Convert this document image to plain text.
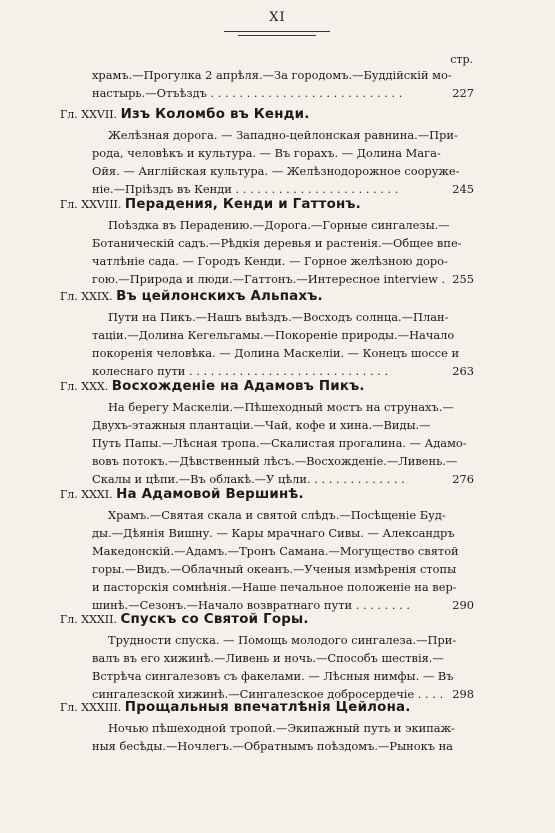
XI
стр.
храмъ.—Прогулка 2 апрѣля.—За городомъ.—Буддійскій мо-
настырь.—Отъѣздъ . . . . . . . . . . . . . . . . . . . . . . . . . . .	227
Гл. XXVII. Изъ Коломбо въ Кенди.
Желѣзная дорога. — Западно-цейлонская равнина.—При-
рода, человѣкъ и культура. — Въ горахъ. — Долина Мага-
Ойя. — Англійская культура. — Желѣзнодорожное сооруже-
ніе.—Пріѣздъ въ Кенди . . . . . . . . . . . . . . . . . . . . . . .	245
Гл. XXVIII. Перадения, Кенди и Гаттонъ.
Поѣздка въ Перадению.—Дорога.—Горные сингалезы.—
Ботаническій садъ.—Рѣдкія деревья и растенія.—Общее впе-
чатлѣніе сада. — Городъ Кенди. — Горное желѣзною доро-
гою.—Природа и люди.—Гаттонъ.—Интересное interview . 255
Гл. XXIX. Въ цейлонскихъ Альпахъ.
Пути на Пикъ.—Нашъ выѣздъ.—Восходъ солнца.—План-
таціи.—Долина Кегельгамы.—Покореніе природы.—Начало
покоренія человѣка. — Долина Маскеліи. — Конецъ шоссе и
колеснаго пути . . . . . . . . . . . . . . . . . . . . . . . . . . . .	263
Гл. XXX. Восхожденіе на Адамовъ Пикъ.
На берегу Маскеліи.—Пѣшеходный мостъ на струнахъ.—
Двухъ-этажныя плантаціи.—Чай, кофе и хина.—Виды.—
Путь Папы.—Лѣсная тропа.—Скалистая прогалина. — Адамо-
вовъ потокъ.—Дѣвственный лѣсъ.—Восхожденіе.—Ливень.—
Скалы и цѣпи.—Въ облакѣ.—У цѣли. . . . . . . . . . . . . .	276
Гл. XXXI. На Адамовой Вершинѣ.
Храмъ.—Святая скала и святой слѣдъ.—Посѣщеніе Буд-
ды.—Дѣянія Вишну. — Кары мрачнаго Сивы. — Александръ
Македонскій.—Адамъ.—Тронъ Самана.—Могущество святой
горы.—Видъ.—Облачный океанъ.—Ученыя измѣренія стопы
и пасторскія сомнѣнія.—Наше печальное положеніе на вер-
шинѣ.—Сезонъ.—Начало возвратнаго пути . . . . . . . .	290
Гл. XXXII. Спускъ со Святой Горы.
Трудности спуска. — Помощь молодого сингалеза.—При-
валъ въ его хижинѣ.—Ливень и ночь.—Способъ шествія.—
Встрѣча сингалезовъ съ факелами. — Лѣсныя нимфы. — Въ
сингалезской хижинѣ.—Сингалезское добросердечіе . . . . 298
Гл. XXXIII. Прощальныя впечатлѣнія Цейлона.
Ночью пѣшеходной тропой.—Экипажный путь и экипаж-
ныя бесѣды.—Ночлегъ.—Обратнымъ поѣздомъ.—Рынокъ на
